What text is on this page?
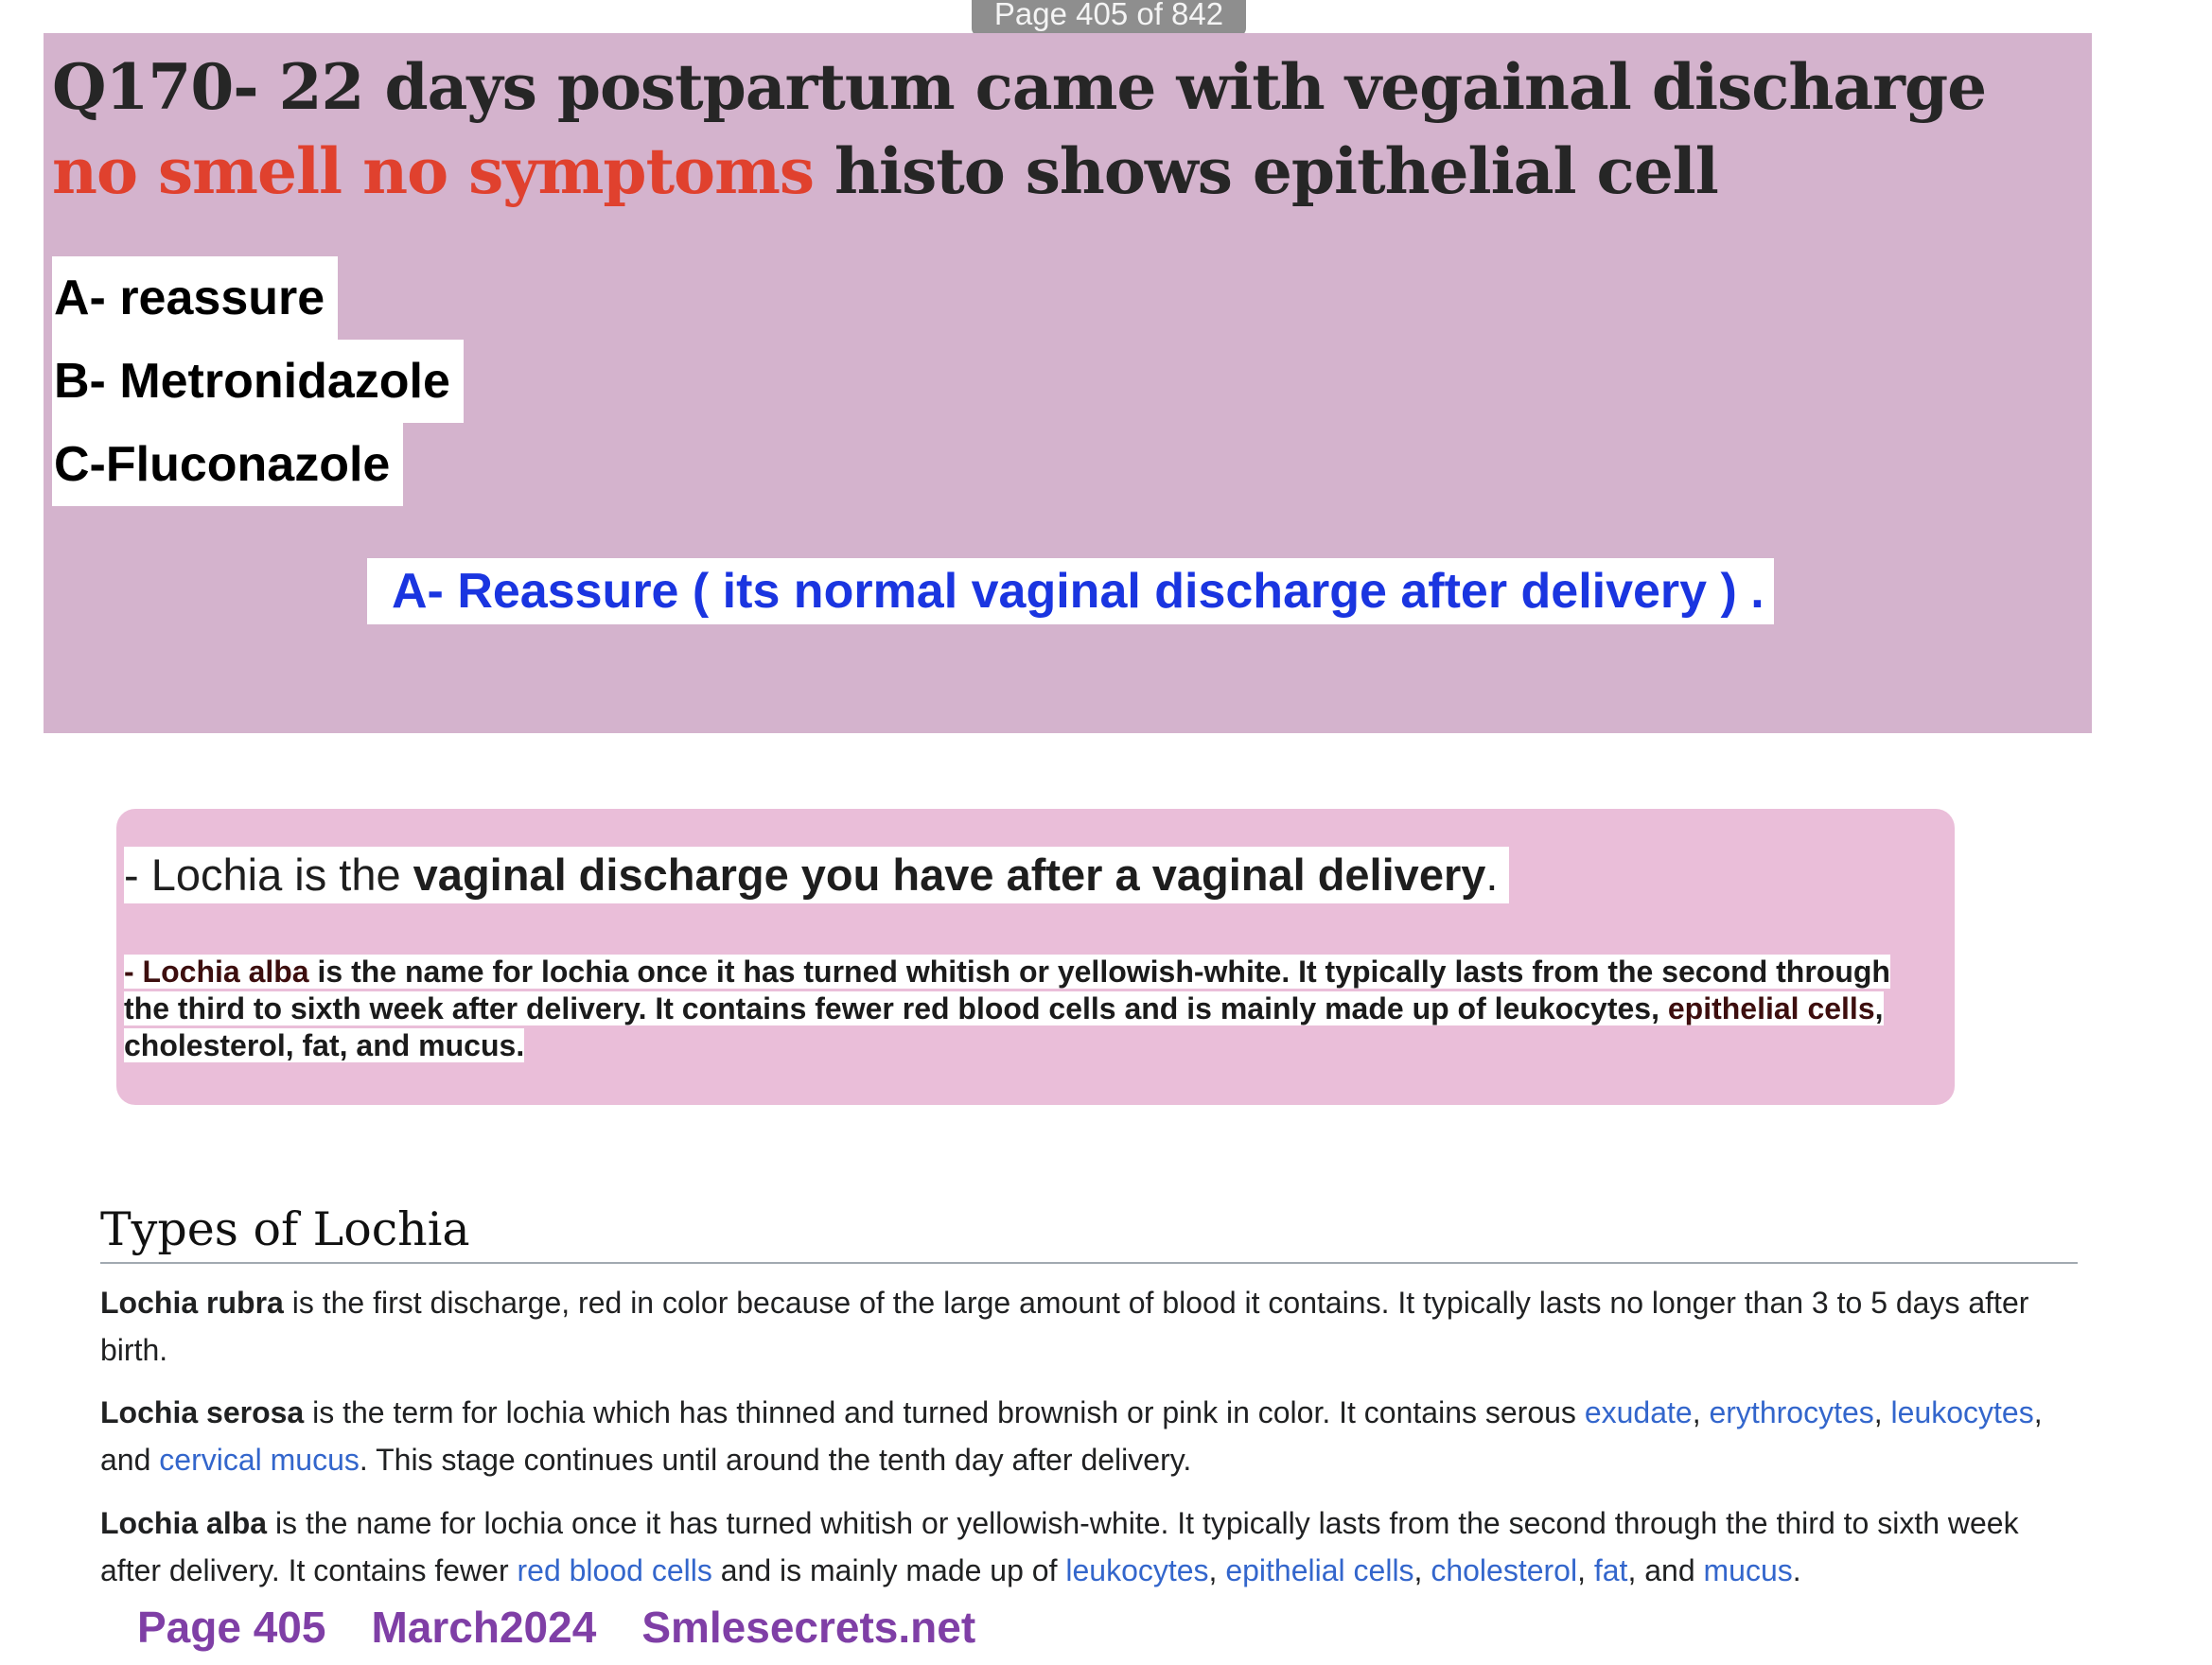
Page 405 of 842
Q170- 22 days postpartum came with vegainal discharge no smell no symptoms histo shows epithelial cell
A- reassure
B- Metronidazole
C-Fluconazole
A- Reassure ( its normal vaginal discharge after delivery ) .
- Lochia is the vaginal discharge you have after a vaginal delivery.
- Lochia alba is the name for lochia once it has turned whitish or yellowish-white. It typically lasts from the second through the third to sixth week after delivery. It contains fewer red blood cells and is mainly made up of leukocytes, epithelial cells, cholesterol, fat, and mucus.
Types of Lochia
Lochia rubra is the first discharge, red in color because of the large amount of blood it contains. It typically lasts no longer than 3 to 5 days after birth.
Lochia serosa is the term for lochia which has thinned and turned brownish or pink in color. It contains serous exudate, erythrocytes, leukocytes, and cervical mucus. This stage continues until around the tenth day after delivery.
Lochia alba is the name for lochia once it has turned whitish or yellowish-white. It typically lasts from the second through the third to sixth week after delivery. It contains fewer red blood cells and is mainly made up of leukocytes, epithelial cells, cholesterol, fat, and mucus.
Page 405 March2024 Smlesecrets.net
